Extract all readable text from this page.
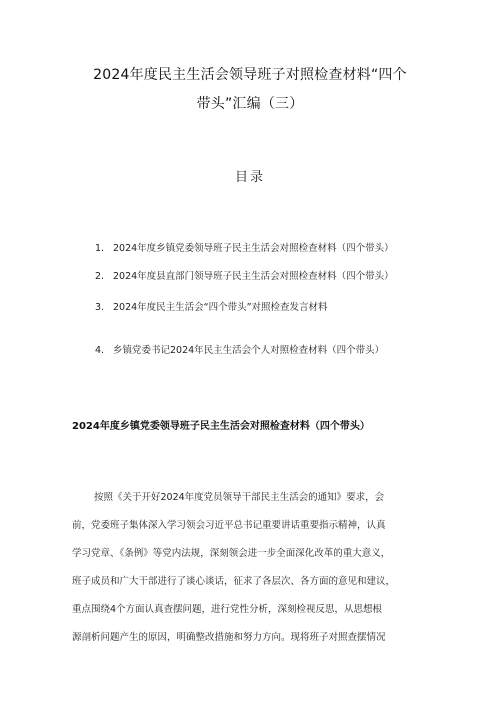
2024年度民主生活会领导班子对照检查材料“四个
带头”汇编（三）
目录
1. 2024年度乡镇党委领导班子民主生活会对照检查材料（四个带头）
2. 2024年度县直部门领导班子民主生活会对照检查材料（四个带头）
3. 2024年度民主生活会“四个带头”对照检查发言材料
4. 乡镇党委书记2024年民主生活会个人对照检查材料（四个带头）
2024年度乡镇党委领导班子民主生活会对照检查材料（四个带头）
按照《关于开好2024年度党员领导干部民主生活会的通知》要求，会
前，党委班子集体深入学习领会习近平总书记重要讲话重要指示精神，认真
学习党章、《条例》等党内法规，深刻领会进一步全面深化改革的重大意义，
班子成员和广大干部进行了谈心谈话，征求了各层次、各方面的意见和建议，
重点围绕4个方面认真查摆问题，进行党性分析，深刻检视反思，从思想根
源剖析问题产生的原因，明确整改措施和努力方向。现将班子对照查摆情况
